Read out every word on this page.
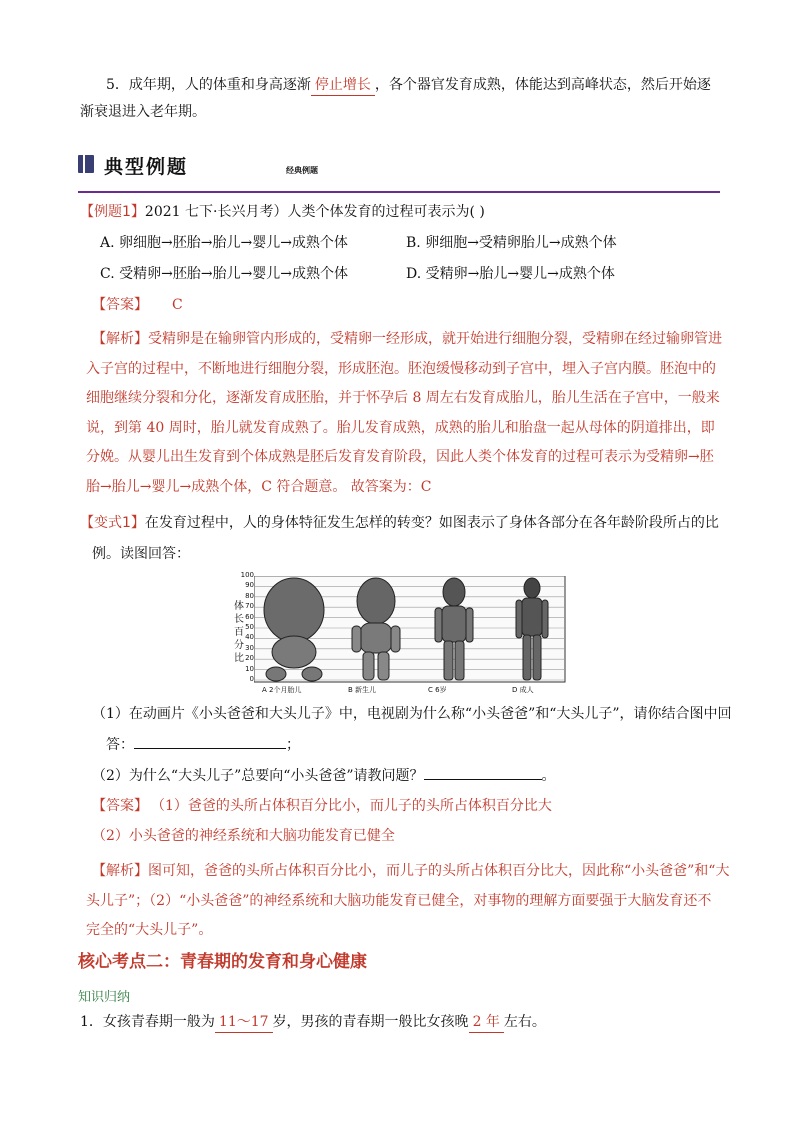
5．成年期，人的体重和身高逐渐 停止增长 ，各个器官发育成熟，体能达到高峰状态，然后开始逐
渐衰退进入老年期。
典型例题	经典例题
【例题1】2021 七下·长兴月考）人类个体发育的过程可表示为( )
A. 卵细胞→胚胎→胎儿→婴儿→成熟个体	B. 卵细胞→受精卵胎儿→成熟个体
C. 受精卵→胚胎→胎儿→婴儿→成熟个体	D. 受精卵→胎儿→婴儿→成熟个体
【答案】 C
【解析】受精卵是在输卵管内形成的，受精卵一经形成，就开始进行细胞分裂，受精卵在经过输卵管进
入子宫的过程中，不断地进行细胞分裂，形成胚泡。胚泡缓慢移动到子宫中，埋入子宫内膜。胚泡中的
细胞继续分裂和分化，逐渐发育成胚胎，并于怀孕后 8 周左右发育成胎儿，胎儿生活在子宫中，一般来
说，到第 40 周时，胎儿就发育成熟了。胎儿发育成熟，成熟的胎儿和胎盘一起从母体的阴道排出，即
分娩。从婴儿出生发育到个体成熟是胚后发育发育阶段，因此人类个体发育的过程可表示为受精卵→胚
胎→胎儿→婴儿→成熟个体，C 符合题意。 故答案为：C
【变式1】在发育过程中，人的身体特征发生怎样的转变？如图表示了身体各部分在各年龄阶段所占的比
例。读图回答：
体长百分比
100
90
80
70
60
50
40
30
20
10
0
A 2个月胎儿	B 新生儿	C 6岁	D 成人
（1）在动画片《小头爸爸和大头儿子》中，电视剧为什么称“小头爸爸”和“大头儿子”，请你结合图中回
答：	；
（2）为什么“大头儿子”总要向“小头爸爸”请教问题？	。
【答案】 （1）爸爸的头所占体积百分比小，而儿子的头所占体积百分比大
（2）小头爸爸的神经系统和大脑功能发育已健全
【解析】图可知，爸爸的头所占体积百分比小，而儿子的头所占体积百分比大，因此称“小头爸爸”和“大
头儿子”；（2）“小头爸爸”的神经系统和大脑功能发育已健全，对事物的理解方面要强于大脑发育还不
完全的“大头儿子”。
核心考点二：青春期的发育和身心健康
知识归纳
1．女孩青春期一般为 11～17 岁，男孩的青春期一般比女孩晚 2 年 左右。
